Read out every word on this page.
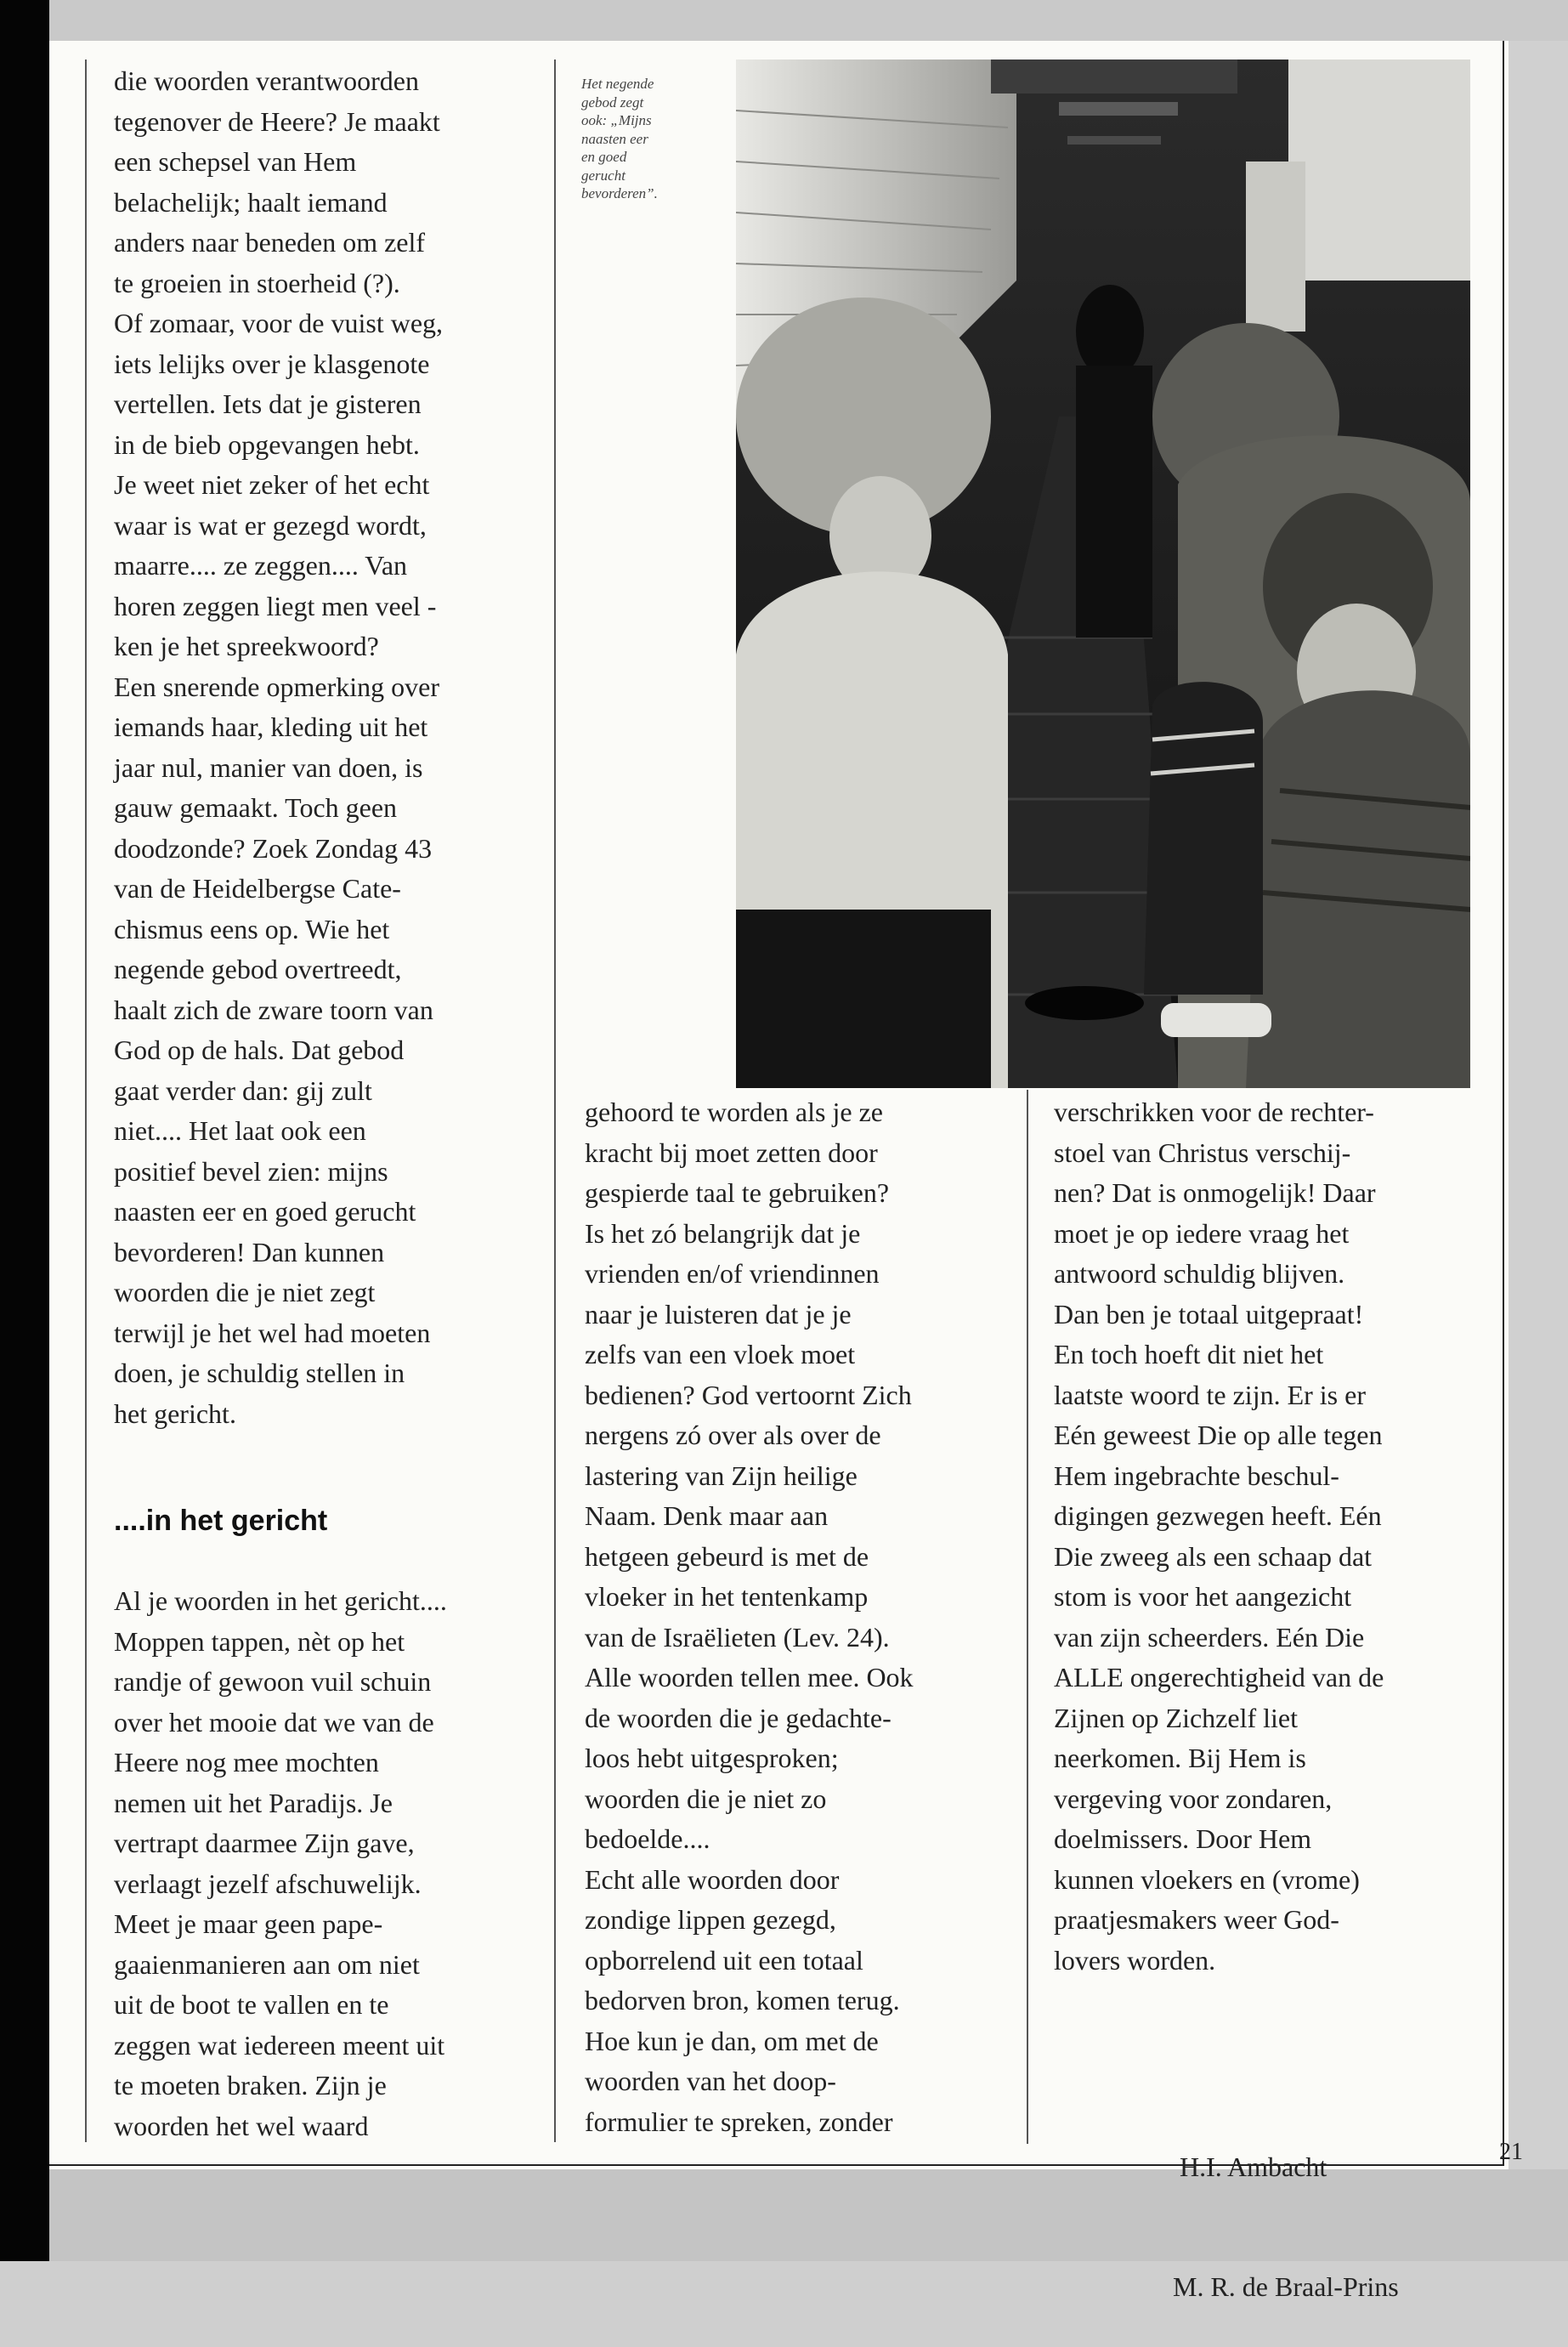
Het negende
gebod zegt
ook: „Mijns
naasten eer
en goed
gerucht
bevorderen”.
die woorden verantwoorden
tegenover de Heere? Je maakt
een schepsel van Hem
belachelijk; haalt iemand
anders naar beneden om zelf
te groeien in stoerheid (?).
Of zomaar, voor de vuist weg,
iets lelijks over je klasgenote
vertellen. Iets dat je gisteren
in de bieb opgevangen hebt.
Je weet niet zeker of het echt
waar is wat er gezegd wordt,
maarre.... ze zeggen.... Van
horen zeggen liegt men veel -
ken je het spreekwoord?
Een snerende opmerking over
iemands haar, kleding uit het
jaar nul, manier van doen, is
gauw gemaakt. Toch geen
doodzonde? Zoek Zondag 43
van de Heidelbergse Cate-
chismus eens op. Wie het
negende gebod overtreedt,
haalt zich de zware toorn van
God op de hals. Dat gebod
gaat verder dan: gij zult
niet.... Het laat ook een
positief bevel zien: mijns
naasten eer en goed gerucht
bevorderen! Dan kunnen
woorden die je niet zegt
terwijl je het wel had moeten
doen, je schuldig stellen in
het gericht.
....in het gericht
Al je woorden in het gericht....
Moppen tappen, nèt op het
randje of gewoon vuil schuin
over het mooie dat we van de
Heere nog mee mochten
nemen uit het Paradijs. Je
vertrapt daarmee Zijn gave,
verlaagt jezelf afschuwelijk.
Meet je maar geen pape-
gaaienmanieren aan om niet
uit de boot te vallen en te
zeggen wat iedereen meent uit
te moeten braken. Zijn je
woorden het wel waard
gehoord te worden als je ze
kracht bij moet zetten door
gespierde taal te gebruiken?
Is het zó belangrijk dat je
vrienden en/of vriendinnen
naar je luisteren dat je je
zelfs van een vloek moet
bedienen? God vertoornt Zich
nergens zó over als over de
lastering van Zijn heilige
Naam. Denk maar aan
hetgeen gebeurd is met de
vloeker in het tentenkamp
van de Israëlieten (Lev. 24).
Alle woorden tellen mee. Ook
de woorden die je gedachte-
loos hebt uitgesproken;
woorden die je niet zo
bedoelde....
Echt alle woorden door
zondige lippen gezegd,
opborrelend uit een totaal
bedorven bron, komen terug.
Hoe kun je dan, om met de
woorden van het doop-
formulier te spreken, zonder
verschrikken voor de rechter-
stoel van Christus verschij-
nen? Dat is onmogelijk! Daar
moet je op iedere vraag het
antwoord schuldig blijven.
Dan ben je totaal uitgepraat!
En toch hoeft dit niet het
laatste woord te zijn. Er is er
Eén geweest Die op alle tegen
Hem ingebrachte beschul-
digingen gezwegen heeft. Eén
Die zweeg als een schaap dat
stom is voor het aangezicht
van zijn scheerders. Eén Die
ALLE ongerechtigheid van de
Zijnen op Zichzelf liet
neerkomen. Bij Hem is
vergeving voor zondaren,
doelmissers. Door Hem
kunnen vloekers en (vrome)
praatjesmakers weer God-
lovers worden.

H.I. Ambacht

M. R. de Braal-Prins

21
